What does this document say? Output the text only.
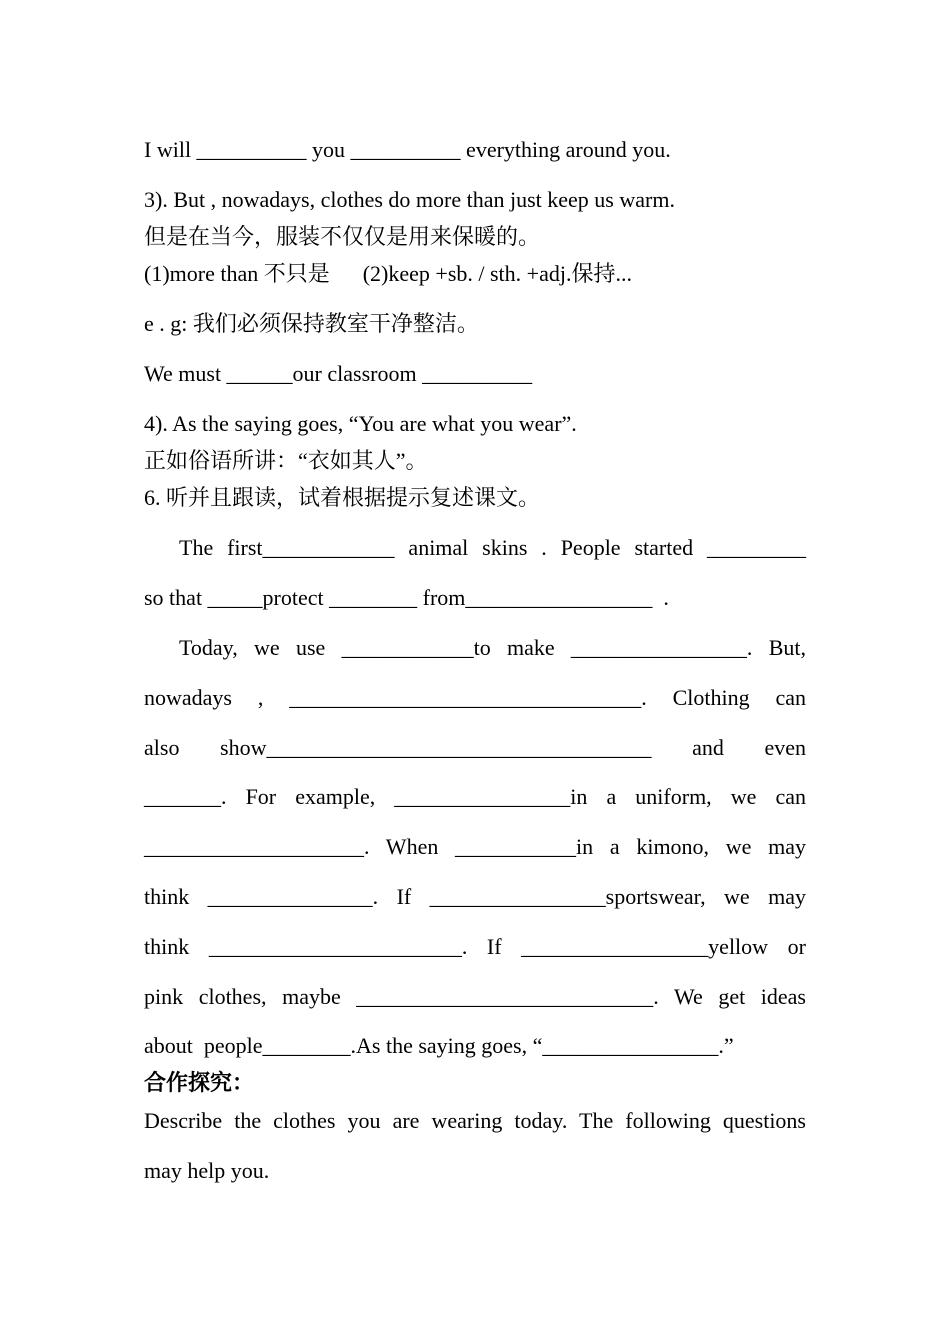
I will __________ you __________ everything around you.

3). But , nowadays, clothes do more than just keep us warm.

但是在当今，服装不仅仅是用来保暖的。

(1)more than 不只是      (2)keep +sb. / sth. +adj.保持...

e . g: 我们必须保持教室干净整洁。

We must ______our classroom __________

4). As the saying goes, “You are what you wear”.

正如俗语所讲：“衣如其人”。

6. 听并且跟读，试着根据提示复述课文。

The first____________ animal skins . People started _________

so that _____protect ________ from_________________  .

Today, we use ____________to make ________________. But,

nowadays , ________________________________. Clothing can

also show___________________________________ and even

_______. For example, ________________in a uniform, we can

____________________. When ___________in a kimono, we may

think _______________. If ________________sportswear, we may

think _______________________. If _________________yellow or

pink clothes, maybe ___________________________. We get ideas

about  people________.As the saying goes, “________________.”

合作探究：

Describe the clothes you are wearing today. The following questions

may help you.
